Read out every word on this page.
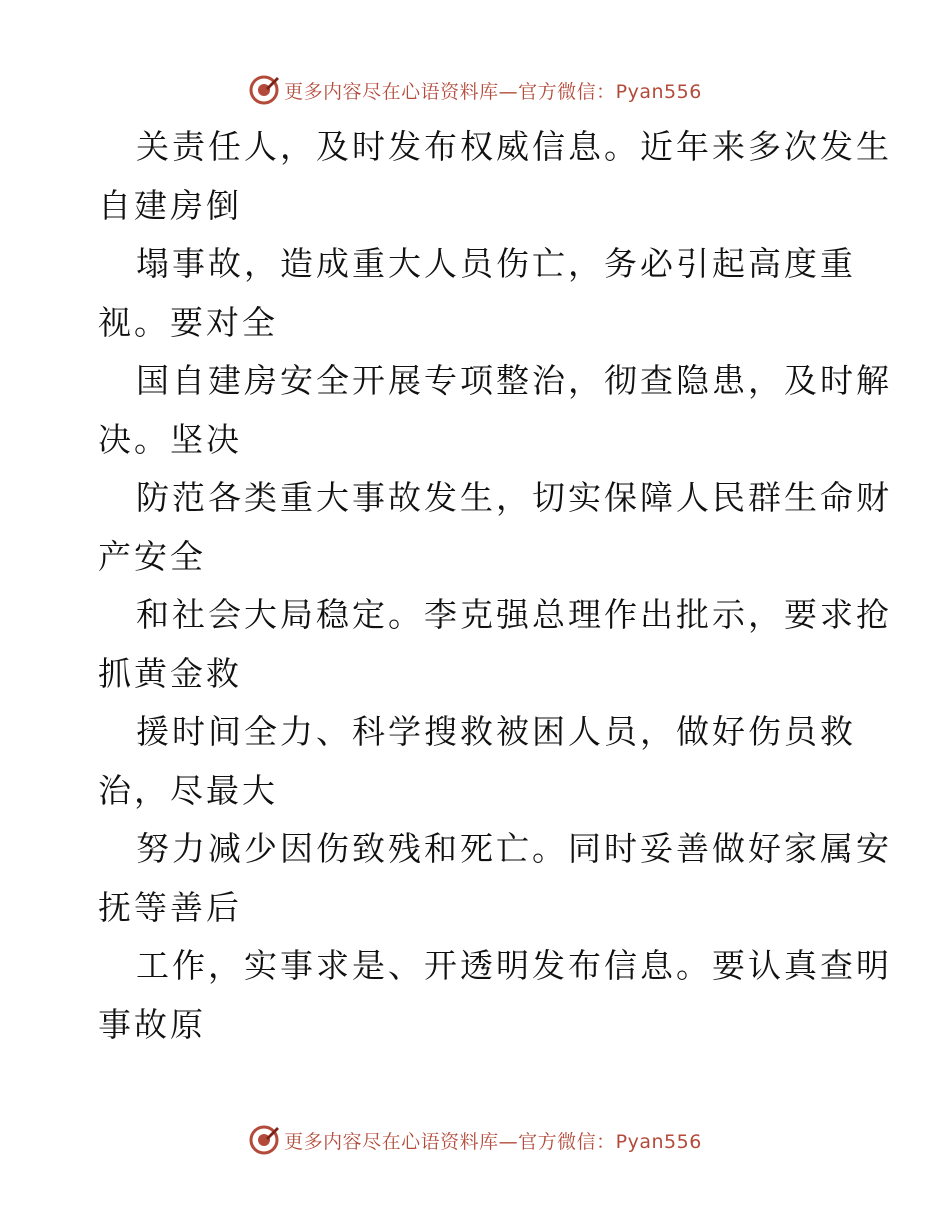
更多内容尽在心语资料库—官方微信：Pyan556
关责任人，及时发布权威信息。近年来多次发生
自建房倒
塌事故，造成重大人员伤亡，务必引起高度重
视。要对全
国自建房安全开展专项整治，彻查隐患，及时解
决。坚决
防范各类重大事故发生，切实保障人民群生命财
产安全
和社会大局稳定。李克强总理作出批示，要求抢
抓黄金救
援时间全力、科学搜救被困人员，做好伤员救
治，尽最大
努力减少因伤致残和死亡。同时妥善做好家属安
抚等善后
工作，实事求是、开透明发布信息。要认真查明
事故原
更多内容尽在心语资料库—官方微信：Pyan556
